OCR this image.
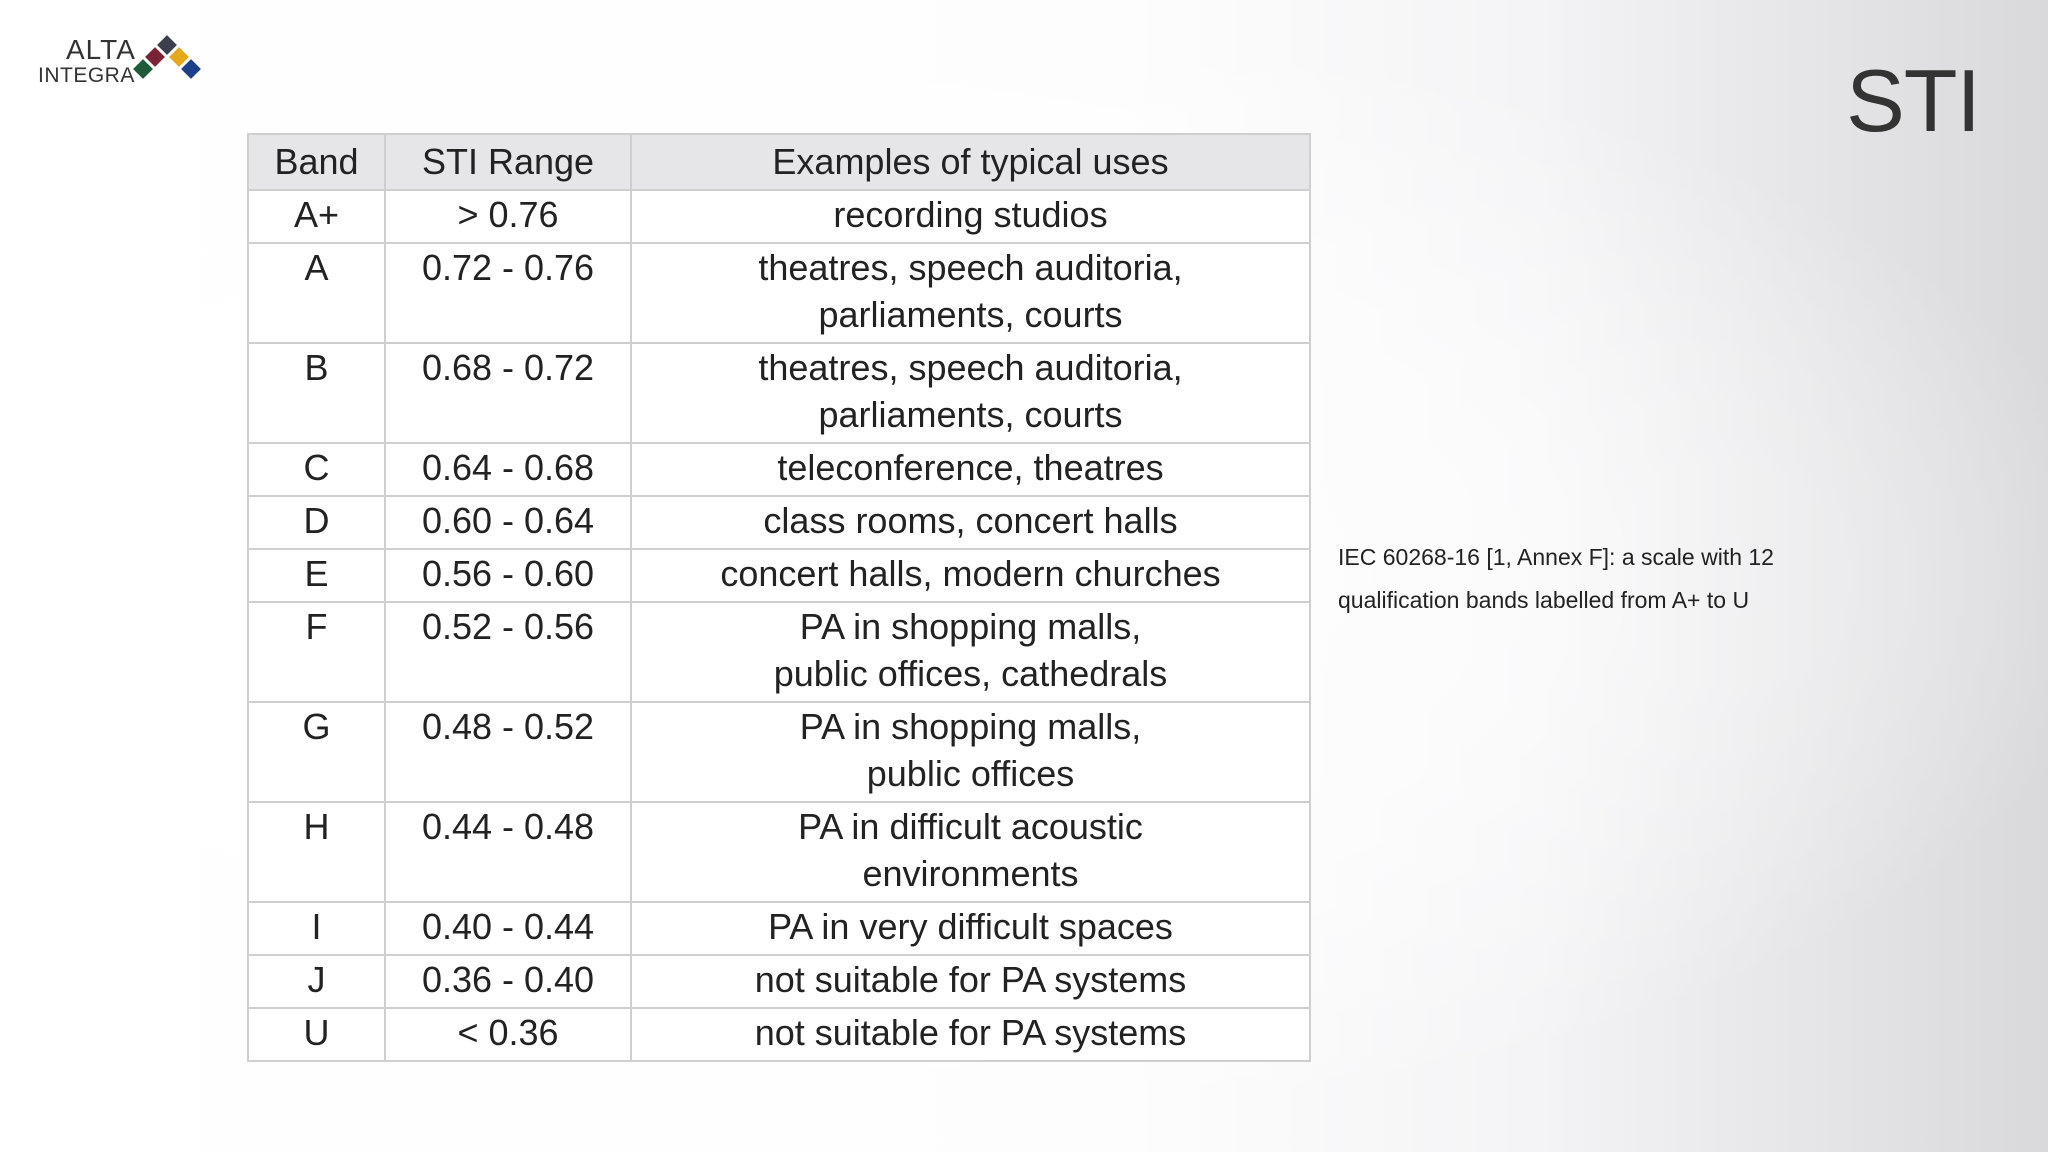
ALTA
INTEGRA	STI
Band	STI Range	Examples of typical uses
A+	> 0.76	recording studios

A	0.72 - 0.76	theatres, speech auditoria,
parliaments, courts

B	0.68 - 0.72	theatres, speech auditoria,
parliaments, courts

C	0.64 - 0.68	teleconference, theatres

D	0.60 - 0.64	class rooms, concert halls

E	0.56 - 0.60	concert halls, modern churches

F	0.52 - 0.56	PA in shopping malls,
public offices, cathedrals

G	0.48 - 0.52	PA in shopping malls,
public offices

H	0.44 - 0.48	PA in difficult acoustic
environments

I	0.40 - 0.44	PA in very difficult spaces

J	0.36 - 0.40	not suitable for PA systems

U	< 0.36	not suitable for PA systems
IEC 60268-16 [1, Annex F]: a scale with 12 qualification bands labelled from A+ to U
